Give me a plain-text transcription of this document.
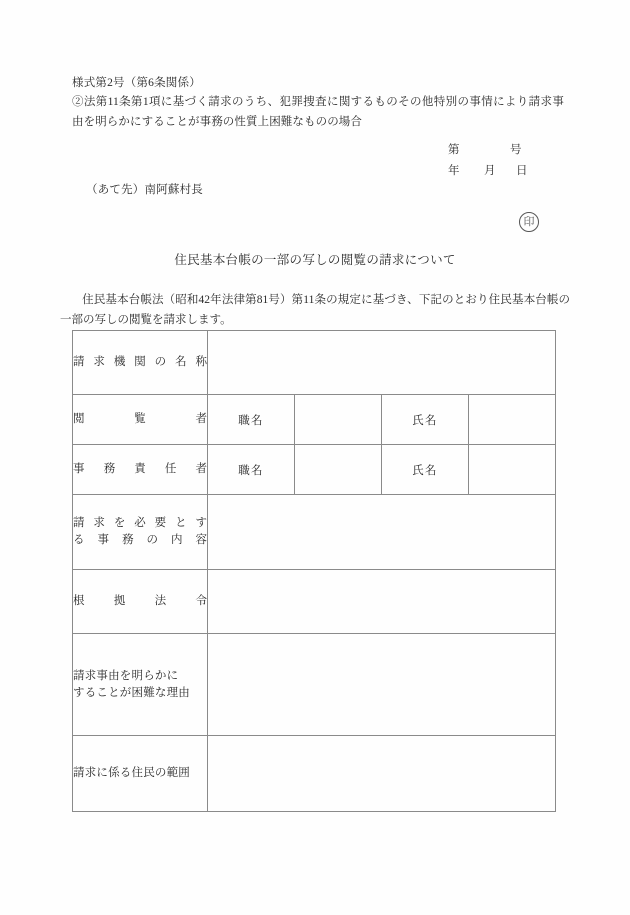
様式第2号（第6条関係）
②法第11条第1項に基づく請求のうち、犯罪捜査に関するものその他特別の事情により請求事由を明らかにすることが事務の性質上困難なものの場合
第	号
年	月	日
（あて先）南阿蘇村長
印
住民基本台帳の一部の写しの閲覧の請求について
住民基本台帳法（昭和42年法律第81号）第11条の規定に基づき、下記のとおり住民基本台帳の一部の写しの閲覧を請求します。
請求機関の名称				

閲覧者	職名		氏名	

事務責任者	職名		氏名	

請求を必要とす
る事務の内容				

根拠法令				

請求事由を明らかに
することが困難な理由				

請求に係る住民の範囲				
